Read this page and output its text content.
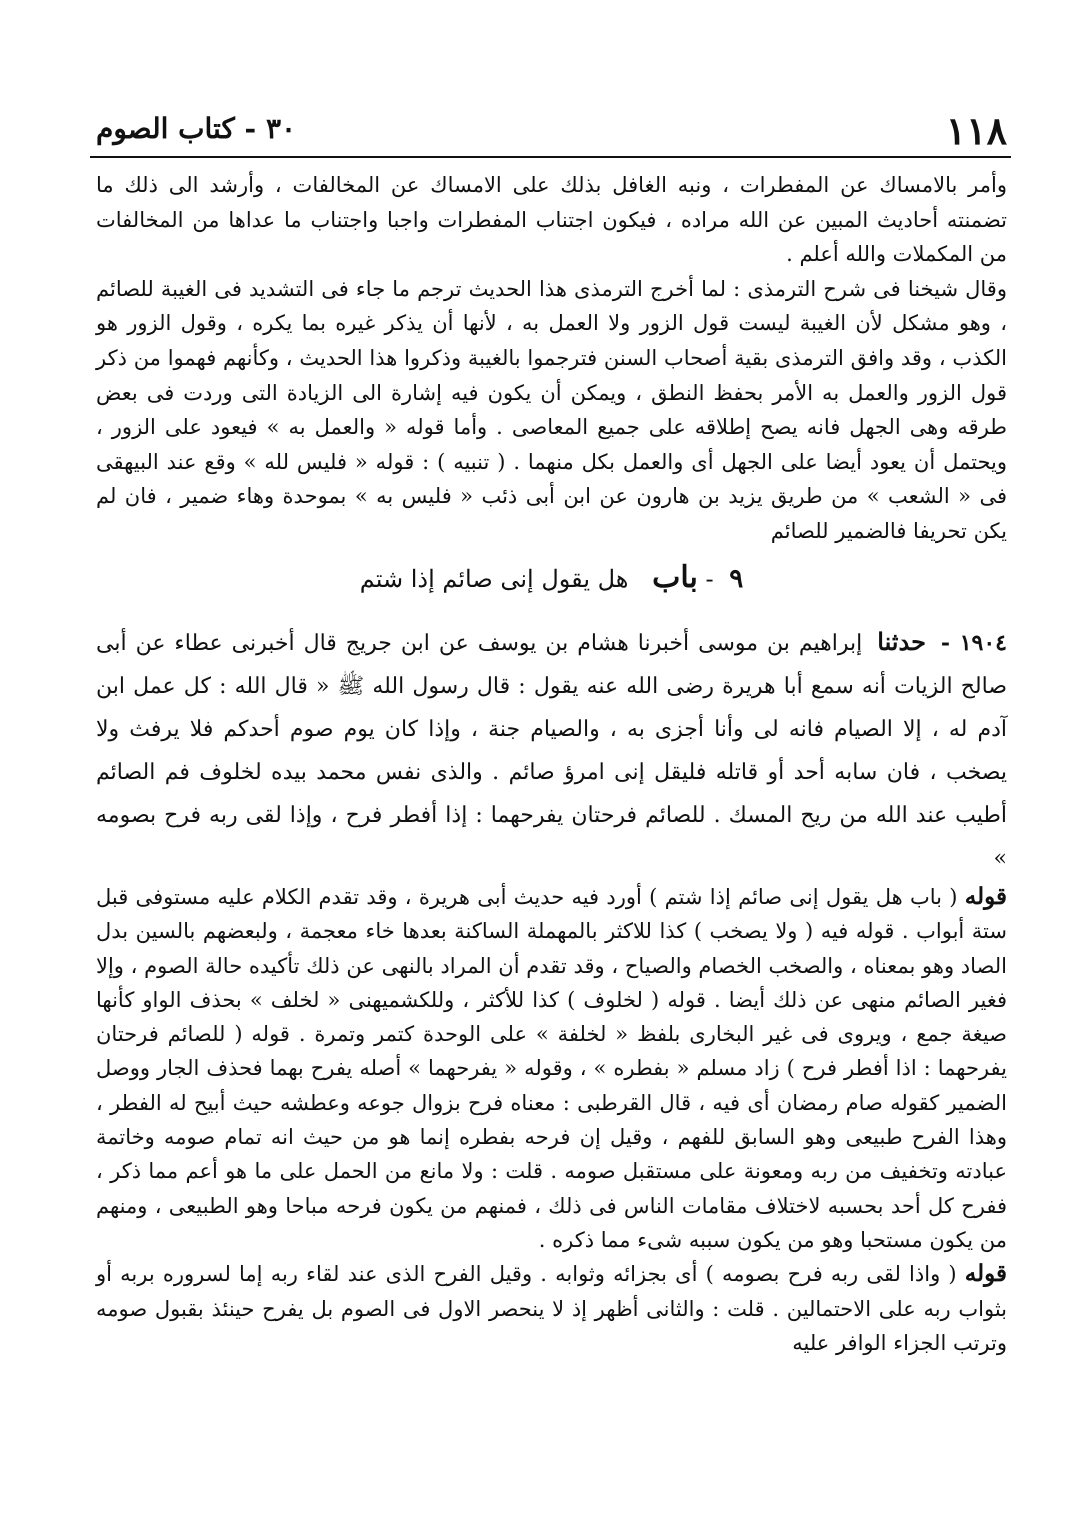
١١٨
٣٠ - كتاب الصوم

وأمر بالامساك عن المفطرات ، ونبه الغافل بذلك على الامساك عن المخالفات ، وأرشد الى ذلك ما تضمنته أحاديث المبين عن الله مراده ، فيكون اجتناب المفطرات واجبا واجتناب ما عداها من المخالفات من المكملات والله أعلم .

وقال شيخنا فى شرح الترمذى : لما أخرج الترمذى هذا الحديث ترجم ما جاء فى التشديد فى الغيبة للصائم ، وهو مشكل لأن الغيبة ليست قول الزور ولا العمل به ، لأنها أن يذكر غيره بما يكره ، وقول الزور هو الكذب ، وقد وافق الترمذى بقية أصحاب السنن فترجموا بالغيبة وذكروا هذا الحديث ، وكأنهم فهموا من ذكر قول الزور والعمل به الأمر بحفظ النطق ، ويمكن أن يكون فيه إشارة الى الزيادة التى وردت فى بعض طرقه وهى الجهل فانه يصح إطلاقه على جميع المعاصى . وأما قوله « والعمل به » فيعود على الزور ، ويحتمل أن يعود أيضا على الجهل أى والعمل بكل منهما . ( تنبيه ) : قوله « فليس لله » وقع عند البيهقى فى « الشعب » من طريق يزيد بن هارون عن ابن أبى ذئب « فليس به » بموحدة وهاء ضمير ، فان لم يكن تحريفا فالضمير للصائم

٩ - باب هل يقول إنى صائم إذا شتم

١٩٠٤ - حدثنا إبراهيم بن موسى أخبرنا هشام بن يوسف عن ابن جريج قال أخبرنى عطاء عن أبى صالح الزيات أنه سمع أبا هريرة رضى الله عنه يقول : قال رسول الله ﷺ « قال الله : كل عمل ابن آدم له ، إلا الصيام فانه لى وأنا أجزى به ، والصيام جنة ، وإذا كان يوم صوم أحدكم فلا يرفث ولا يصخب ، فان سابه أحد أو قاتله فليقل إنى امرؤ صائم . والذى نفس محمد بيده لخلوف فم الصائم أطيب عند الله من ريح المسك . للصائم فرحتان يفرحهما : إذا أفطر فرح ، وإذا لقى ربه فرح بصومه »

قوله ( باب هل يقول إنى صائم إذا شتم ) أورد فيه حديث أبى هريرة ، وقد تقدم الكلام عليه مستوفى قبل ستة أبواب . قوله فيه ( ولا يصخب ) كذا للاكثر بالمهملة الساكنة بعدها خاء معجمة ، ولبعضهم بالسين بدل الصاد وهو بمعناه ، والصخب الخصام والصياح ، وقد تقدم أن المراد بالنهى عن ذلك تأكيده حالة الصوم ، وإلا فغير الصائم منهى عن ذلك أيضا . قوله ( لخلوف ) كذا للأكثر ، وللكشميهنى « لخلف » بحذف الواو كأنها صيغة جمع ، ويروى فى غير البخارى بلفظ « لخلفة » على الوحدة كتمر وتمرة . قوله ( للصائم فرحتان يفرحهما : اذا أفطر فرح ) زاد مسلم « بفطره » ، وقوله « يفرحهما » أصله يفرح بهما فحذف الجار ووصل الضمير كقوله صام رمضان أى فيه ، قال القرطبى : معناه فرح بزوال جوعه وعطشه حيث أبيح له الفطر ، وهذا الفرح طبيعى وهو السابق للفهم ، وقيل إن فرحه بفطره إنما هو من حيث انه تمام صومه وخاتمة عبادته وتخفيف من ربه ومعونة على مستقبل صومه . قلت : ولا مانع من الحمل على ما هو أعم مما ذكر ، ففرح كل أحد بحسبه لاختلاف مقامات الناس فى ذلك ، فمنهم من يكون فرحه مباحا وهو الطبيعى ، ومنهم من يكون مستحبا وهو من يكون سببه شىء مما ذكره .

قوله ( واذا لقى ربه فرح بصومه ) أى بجزائه وثوابه . وقيل الفرح الذى عند لقاء ربه إما لسروره بربه أو بثواب ربه على الاحتمالين . قلت : والثانى أظهر إذ لا ينحصر الاول فى الصوم بل يفرح حينئذ بقبول صومه وترتب الجزاء الوافر عليه
